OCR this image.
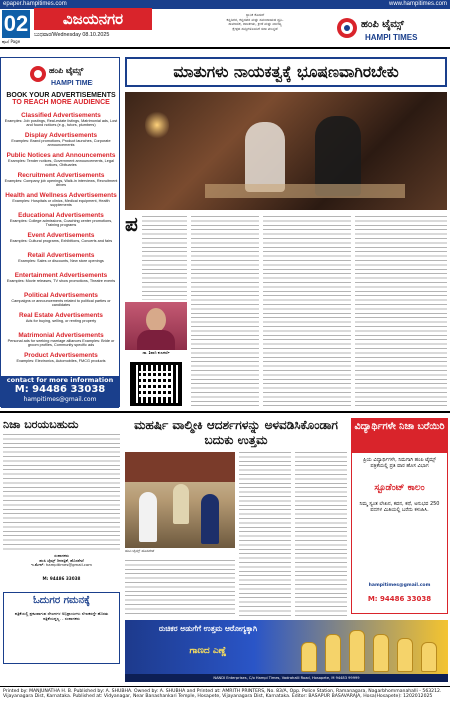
epaper.hampitimes.com	www.hampitimes.com
02
ಪುಟ/ Page
ವಿಜಯನಗರ
ಬುಧವಾರ/Wednesday 08.10.2025
ಸ್ಥಾನಿಕ ಕೊಡುಗೆ
ಕನ್ನಡಿಗರ, ಕನ್ನಡಪರ ಮತ್ತು ಸಮುದಾಯದ ಧ್ವನಿ.
ಸಾಮಾಜಿಕ, ರಾಜಕೀಯ, ಕ್ರೀಡೆ ಮತ್ತು ವಾಣಿಜ್ಯ
ಕ್ಷೇತ್ರದ ಸುದ್ದಿಗಳೊಂದಿಗೆ ಸದಾ ಮುನ್ನಡೆ	ಹಂಪಿ ಟೈಮ್ಸ್
HAMPI TIMES
ಹಂಪಿ ಟೈಮ್ಸ್
HAMPI TIMES
BOOK YOUR ADVERTISEMENTS
TO REACH MORE AUDIENCE
Classified Advertisements
Examples: Job postings, Real-estate listings, Matrimonial ads, Lost and found notices (e.g., tutors, plumbers)
Display Advertisements
Examples: Brand promotions, Product launches, Corporate announcements
Public Notices and Announcements
Examples: Tender notices, Government announcements, Legal notices, Obituaries
Recruitment Advertisements
Examples: Company job openings, Walk-in interviews, Recruitment drives
Health and Wellness Advertisements
Examples: Hospitals or clinics, Medical equipment, Health supplements
Educational Advertisements
Examples: College admissions, Coaching center promotions, Training programs
Event Advertisements
Examples: Cultural programs, Exhibitions, Concerts and fairs
Retail Advertisements
Examples: Sales or discounts, New store openings
Entertainment Advertisements
Examples: Movie releases, TV show promotions, Theatre events
Political Advertisements
Campaigns or announcements related to political parties or candidates
Real Estate Advertisements
Ads for buying, selling, or renting property
Matrimonial Advertisements
Personal ads for seeking marriage alliances Examples: Bride or groom profiles, Community specific ads
Product Advertisements
Examples: Electronics, Automobiles, FMCG products
contact for more information
M: 94486 33038
hampitimes@gmail.com
ಮಾತುಗಳು ನಾಯಕತ್ವಕ್ಕೆ ಭೂಷಣವಾಗಿರಬೇಕು
ಪ
ಡಾ. ಶಿವಾನಿ ಕುಲಕರ್ಣಿ
ನಿಜಾ ಬರಯಬಹುದು
ಸಂಪಾದಕರು
ಹಂಪಿ ಟೈಮ್ಸ್ ದಿನಪತ್ರಿಕೆ, ಹೊಸಪೇಟೆ
ಇ-ಮೇಲ್: hampitimes@gmail.com
M: 94486 33038
ಓದುಗರ ಗಮನಕ್ಕೆ
ಪತ್ರಿಕೆಯಲ್ಲಿ ಪ್ರಕಟವಾಗುವ ಲೇಖನಗಳ ಅಭಿಪ್ರಾಯಗಳು ಲೇಖಕರದ್ದೇ ಹೊರತು ಪತ್ರಿಕೆಯದ್ದಲ್ಲ. - ಸಂಪಾದಕರು
ಮಹರ್ಷಿ ವಾಲ್ಮೀಕಿ ಆದರ್ಶಗಳನ್ನು ಅಳವಡಿಸಿಕೊಂಡಾಗ ಬದುಕು ಉತ್ತಮ
ಹಂಪಿ ಟೈಮ್ಸ್ ಹೊಸಪೇಟೆ
ವಿದ್ಯಾರ್ಥಿಗಳೇ ನಿಜಾ ಬರೆಯಿರಿ
ಪ್ರಿಯ ವಿದ್ಯಾರ್ಥಿಗಳೇ, ನಿಮಗಾಗಿ ಹಂಪಿ ಟೈಮ್ಸ್ ಪತ್ರಿಕೆಯಲ್ಲಿ ಪ್ರತಿ ವಾರ ಹೊಸ ವಿಭಾಗ
ಸ್ಟೂಡೆಂಟ್ ಕಾಲಂ
ನಿಮ್ಮ ಸ್ವಂತ ಲೇಖನ, ಕವನ, ಕಥೆ, ಅನುಭವ 250 ಪದಗಳ ಮಿತಿಯಲ್ಲಿ ಬರೆದು ಕಳುಹಿಸಿ.
hampitimes@gmail.com
M: 94486 33038
ರುಚಿಕರ ಅಡುಗೆಗೆ ಉತ್ತಮ ಆರೋಗ್ಯಕ್ಕಾಗಿ
ಗಾಣದ ಎಣ್ಣೆ
NANDI Enterprises, C/o Hampi Times, Vadrahalli Road, Hosapete, M 94483 99999
Printed by: MANJUNATHA H. B. Published by: A. SHUBHA. Owned by: A. SHUBHA and Printed at: AMRITH PRINTERS, No. 83/A, Opp. Police Station, Ramanagara, Nagarbhommanahalli - 563212. Vijayanagara Dist, Karnataka. Published at: Vidyanagar, Near Banashankari Temple, Hosapete, Vijayanagara Dist, Karnataka. Editor: BASAPUR BASAVARAJA, Hosa(Hosapete): 1202012025
